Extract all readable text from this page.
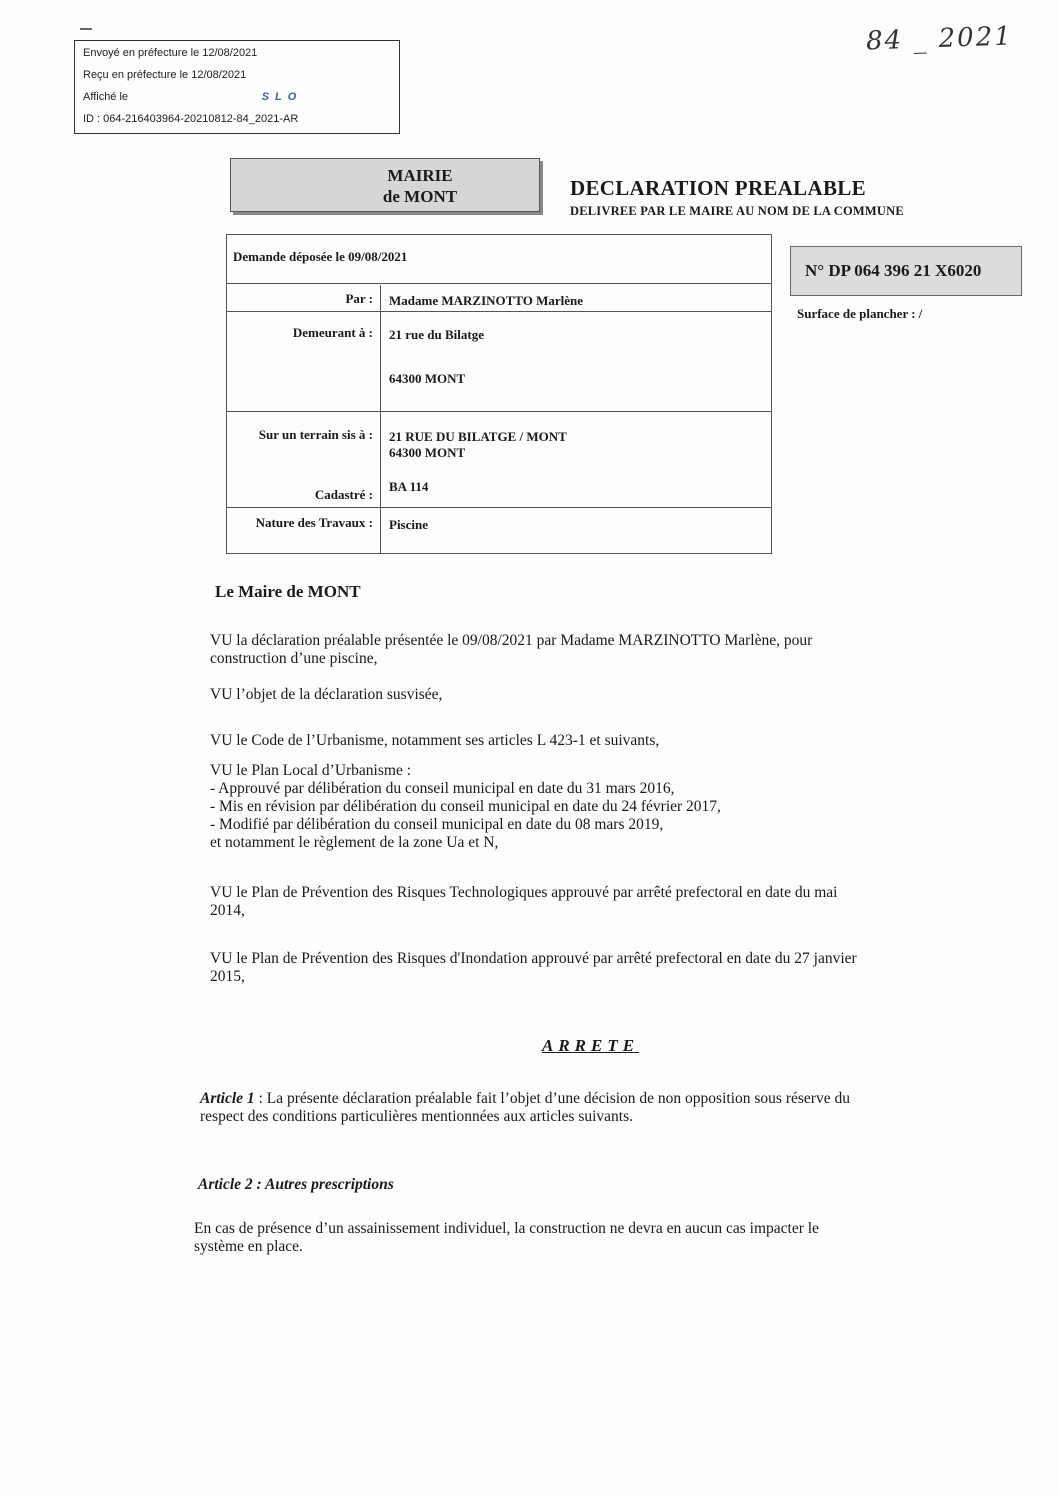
84 _ 2021
Envoyé en préfecture le 12/08/2021
Reçu en préfecture le 12/08/2021
Affiché le	SLO
ID : 064-216403964-20210812-84_2021-AR
MAIRIE
de MONT	DECLARATION PREALABLE
DELIVREE PAR LE MAIRE AU NOM DE LA COMMUNE
N° DP 064 396 21 X6020
Surface de plancher : /
Demande déposée le 09/08/2021
Par : Madame MARZINOTTO Marlène
Demeurant à : 21 rue du Bilatge
64300 MONT
Sur un terrain sis à : 21 RUE DU BILATGE / MONT
64300 MONT
Cadastré :
BA 114
Nature des Travaux : Piscine
Le Maire de MONT
VU la déclaration préalable présentée le 09/08/2021 par Madame MARZINOTTO Marlène, pour
construction d’une piscine,
VU l’objet de la déclaration susvisée,
VU le Code de l’Urbanisme, notamment ses articles L 423-1 et suivants,
VU le Plan Local d’Urbanisme :
- Approuvé par délibération du conseil municipal en date du 31 mars 2016,
- Mis en révision par délibération du conseil municipal en date du 24 février 2017,
- Modifié par délibération du conseil municipal en date du 08 mars 2019,
et notamment le règlement de la zone Ua et N,
VU le Plan de Prévention des Risques Technologiques approuvé par arrêté prefectoral en date du mai
2014,
VU le Plan de Prévention des Risques d'Inondation approuvé par arrêté prefectoral en date du 27 janvier
2015,
ARRETE
Article 1 : La présente déclaration préalable fait l’objet d’une décision de non opposition sous réserve du
respect des conditions particulières mentionnées aux articles suivants.
Article 2 : Autres prescriptions
En cas de présence d’un assainissement individuel, la construction ne devra en aucun cas impacter le
système en place.
